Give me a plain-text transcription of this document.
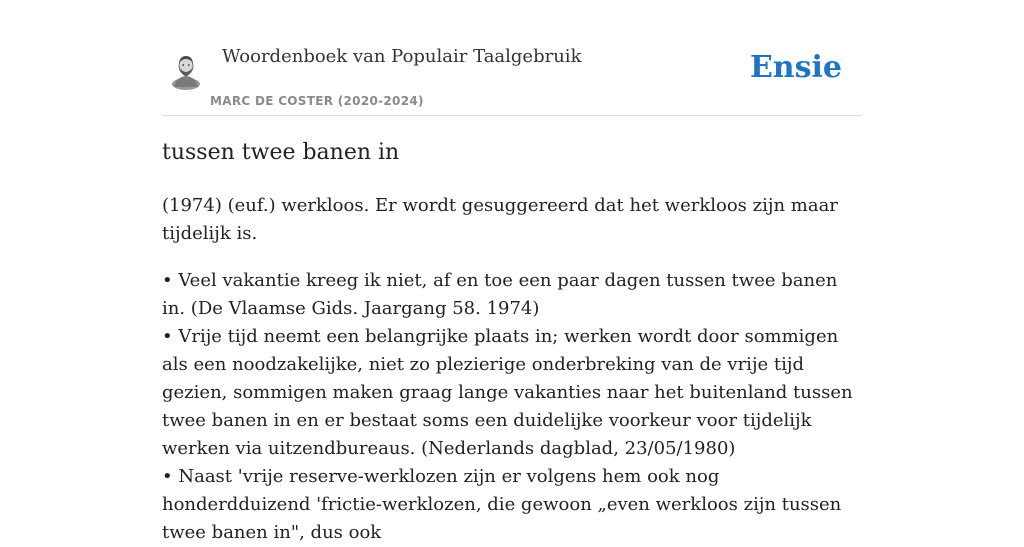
Woordenboek van Populair Taalgebruik
MARC DE COSTER (2020-2024)
Ensie
tussen twee banen in

(1974) (euf.) werkloos. Er wordt gesuggereerd dat het werkloos zijn maar tijdelijk is.

• Veel vakantie kreeg ik niet, af en toe een paar dagen tussen twee banen in. (De Vlaamse Gids. Jaargang 58. 1974)
• Vrije tijd neemt een belangrijke plaats in; werken wordt door sommigen als een noodzakelijke, niet zo plezierige onderbreking van de vrije tijd gezien, sommigen maken graag lange vakanties naar het buitenland tussen twee banen in en er bestaat soms een duidelijke voorkeur voor tijdelijk werken via uitzendbureaus. (Nederlands dagblad, 23/05/1980)
• Naast 'vrije reserve-werklozen zijn er volgens hem ook nog honderdduizend 'frictie-werklozen, die gewoon „even werkloos zijn tussen twee banen in", dus ook
